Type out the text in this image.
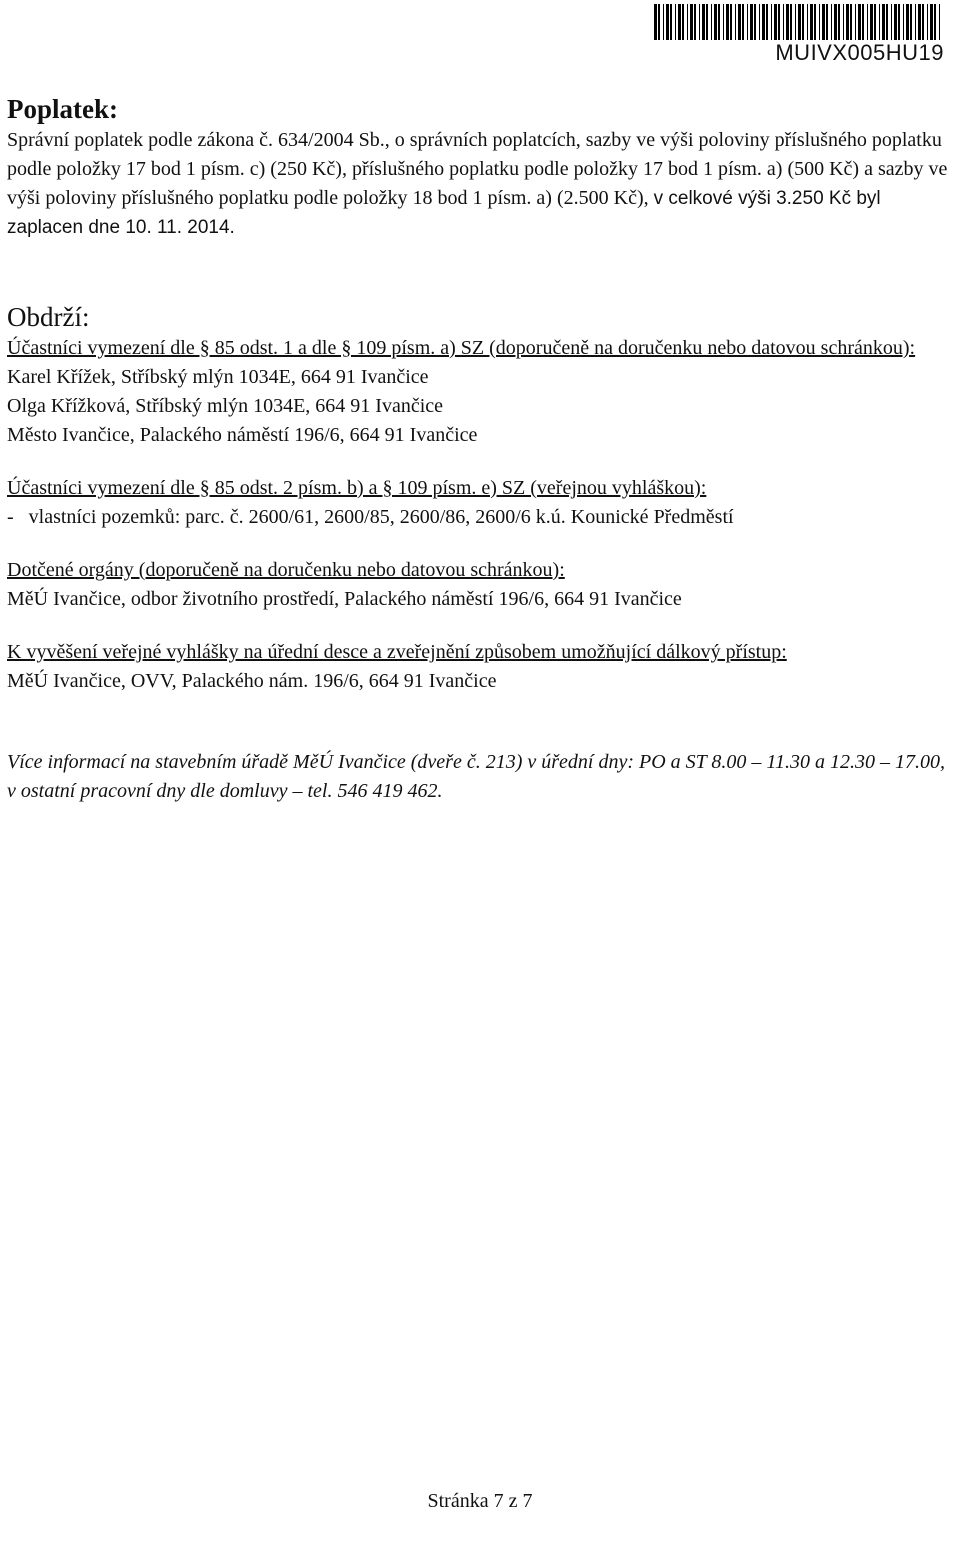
MUIVX005HU19
Poplatek:

Správní poplatek podle zákona č. 634/2004 Sb., o správních poplatcích, sazby ve výši poloviny příslušného poplatku podle položky 17 bod 1 písm. c) (250 Kč), příslušného poplatku podle položky 17 bod 1 písm. a) (500 Kč) a sazby ve výši poloviny příslušného poplatku podle položky 18 bod 1 písm. a) (2.500 Kč), v celkové výši 3.250 Kč byl zaplacen dne 10. 11. 2014.

Obdrží:

Účastníci vymezení dle § 85 odst. 1 a dle § 109 písm. a) SZ (doporučeně na doručenku nebo datovou schránkou):

Karel Křížek, Stříbský mlýn 1034E, 664 91 Ivančice

Olga Křížková, Stříbský mlýn 1034E, 664 91 Ivančice

Město Ivančice, Palackého náměstí 196/6, 664 91 Ivančice

Účastníci vymezení dle § 85 odst. 2 písm. b) a § 109 písm. e) SZ (veřejnou vyhláškou):

-   vlastníci pozemků: parc. č. 2600/61, 2600/85, 2600/86, 2600/6 k.ú. Kounické Předměstí

Dotčené orgány (doporučeně na doručenku nebo datovou schránkou):

MěÚ Ivančice, odbor životního prostředí, Palackého náměstí 196/6, 664 91 Ivančice

K vyvěšení veřejné vyhlášky na úřední desce a zveřejnění způsobem umožňující dálkový přístup:

MěÚ Ivančice, OVV, Palackého nám. 196/6, 664 91 Ivančice

Více informací na stavebním úřadě MěÚ Ivančice (dveře č. 213) v úřední dny: PO a ST 8.00 – 11.30 a 12.30 – 17.00, v ostatní pracovní dny dle domluvy – tel. 546 419 462.

Stránka 7 z 7
